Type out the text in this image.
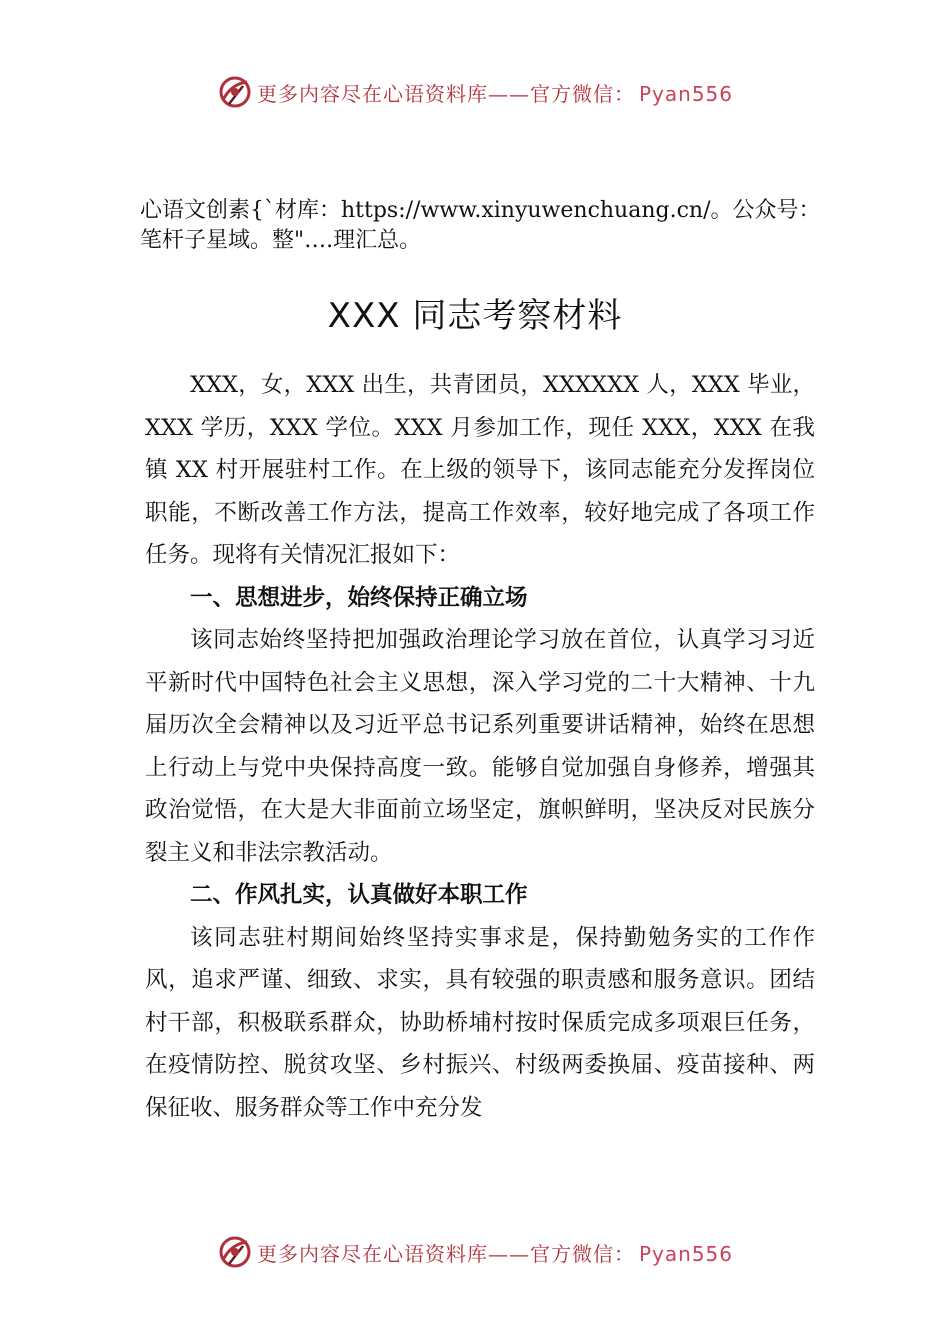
更多内容尽在心语资料库——官方微信： Pyan556
心语文创素{`材库：https://www.xinyuwenchuang.cn/。公众号：笔杆子星域。整"….理汇总。
XXX 同志考察材料

XXX，女，XXX 出生，共青团员，XXXXXX 人，XXX 毕业，XXX 学历，XXX 学位。XXX 月参加工作，现任 XXX，XXX 在我镇 XX 村开展驻村工作。在上级的领导下，该同志能充分发挥岗位职能，不断改善工作方法，提高工作效率，较好地完成了各项工作任务。现将有关情况汇报如下：

一、思想进步，始终保持正确立场

该同志始终坚持把加强政治理论学习放在首位，认真学习习近平新时代中国特色社会主义思想，深入学习党的二十大精神、十九届历次全会精神以及习近平总书记系列重要讲话精神，始终在思想上行动上与党中央保持高度一致。能够自觉加强自身修养，增强其政治觉悟，在大是大非面前立场坚定，旗帜鲜明，坚决反对民族分裂主义和非法宗教活动。

二、作风扎实，认真做好本职工作

该同志驻村期间始终坚持实事求是，保持勤勉务实的工作作风，追求严谨、细致、求实，具有较强的职责感和服务意识。团结村干部，积极联系群众，协助桥埔村按时保质完成多项艰巨任务，在疫情防控、脱贫攻坚、乡村振兴、村级两委换届、疫苗接种、两保征收、服务群众等工作中充分发

更多内容尽在心语资料库——官方微信： Pyan556
